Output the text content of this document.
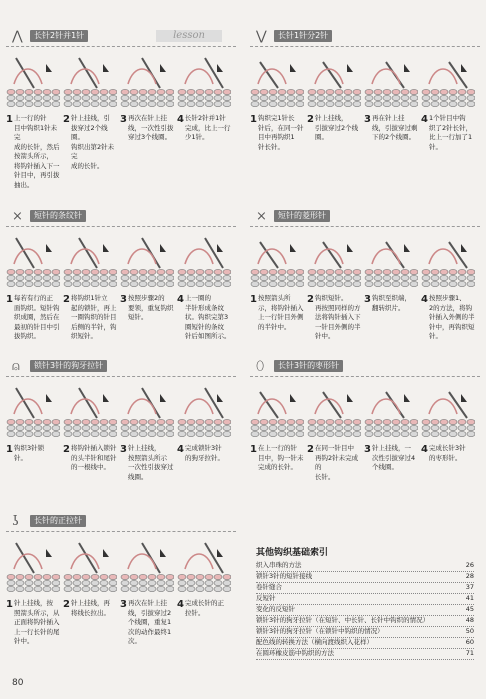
⋀	长针2针并1针	lesson
1 上一行的针
目中钩织1针未完
成的长针，然后
按箭头所示，
将钩针插入下一
针目中，再引拔
抽出。
2 针上挂线，引
拔穿过2个线圈。
钩织出第2针未完
成的长针。
3 再次在针上挂
线，一次性引拔
穿过3个线圈。
4 长针2针并1针
完成，比上一行
少1针。
⋁	长针1针分2针
1 钩织完1针长
针后，在同一针
目中再钩织1
针长针。
2 针上挂线，
引拔穿过2个线
圈。
3 再在针上挂
线，引拔穿过剩
下的2个线圈。
4 1个针目中钩
织了2针长针，
比上一行加了1
针。
×	短针的条纹针
1 每若有行的正
面钩织。短针钩
织成圈，然后在
最初的针目中引
拔钩织。
2 将钩织1针立
起的锁针，再上
一圈钩织的针目
后侧的半针，钩
织短针。
3 按照步骤2的
要领，重复钩织
短针。
4 上一圈的
半针形成条纹
状。钩织完第3
圈短针的条纹
针后如图所示。
×	短针的菱形针
1 按照箭头所
示，将钩针插入
上一行针目外侧
的半针中。
2 钩织短针。
再按照同样的方
法将钩针插入下
一针目外侧的半
针中。
3 钩织至织端，
翻转织片。
4 按照步骤1、
2的方法，将钩
针插入外侧的半
针中，再钩织短
针。
⍝	锁针3针的狗牙拉针
1 钩织3针锁
针。
2 将钩针插入锁针
的头半针和尾针
的一根线中。
3 针上挂线，
按照箭头所示
一次性引拔穿过
线圈。
4 完成锁针3针
的狗牙拉针。
⬯	长针3针的枣形针
1 在上一行的针
目中，钩一针未
完成的长针。
2 在同一针目中
再钩2针未完成的
长针。
3 针上挂线，一
次性引拔穿过4
个线圈。
4 完成长针3针
的枣形针。
ʖ	长针的正拉针
1 针上挂线，按
照箭头所示，从
正面将钩针插入
上一行长针的尾
针中。
2 针上挂线，再
将线长拉出。
3 再次在针上挂
线，引拔穿过2
个线圈，重复1
次的动作最终1
次。
4 完成长针的正
拉针。
其他钩织基础索引
织入串珠的方法	26
锁针3针的短针接线	28
卷针缝合	37
反短针	41
变化的反短针	45
锁针3针的狗牙拉针（在短针、中长针、长针中钩织的情况）	48
锁针3针的狗牙拉针（在锁针中钩织的情况）	50
配色线的转换方法（横向渡线织入花样）	60
在圆环橡皮筋中钩织的方法	71
80
